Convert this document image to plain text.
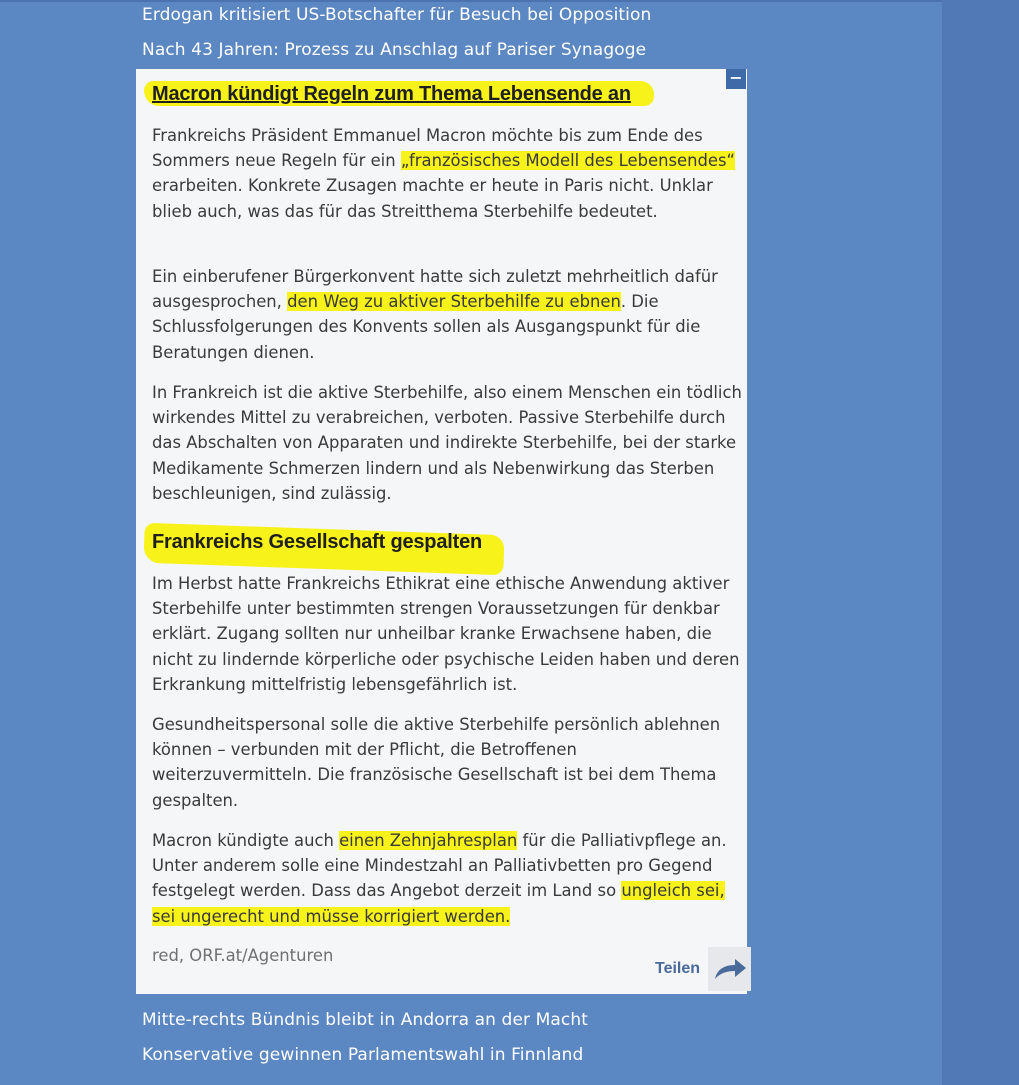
Erdogan kritisiert US-Botschafter für Besuch bei Opposition
Nach 43 Jahren: Prozess zu Anschlag auf Pariser Synagoge
−
Macron kündigt Regeln zum Thema Lebensende an

Frankreichs Präsident Emmanuel Macron möchte bis zum Ende des Sommers neue Regeln für ein „französisches Modell des Lebensendes“ erarbeiten. Konkrete Zusagen machte er heute in Paris nicht. Unklar blieb auch, was das für das Streitthema Sterbehilfe bedeutet.

Ein einberufener Bürgerkonvent hatte sich zuletzt mehrheitlich dafür ausgesprochen, den Weg zu aktiver Sterbehilfe zu ebnen. Die Schlussfolgerungen des Konvents sollen als Ausgangspunkt für die Beratungen dienen.

In Frankreich ist die aktive Sterbehilfe, also einem Menschen ein tödlich wirkendes Mittel zu verabreichen, verboten. Passive Sterbehilfe durch das Abschalten von Apparaten und indirekte Sterbehilfe, bei der starke Medikamente Schmerzen lindern und als Nebenwirkung das Sterben beschleunigen, sind zulässig.

Frankreichs Gesellschaft gespalten

Im Herbst hatte Frankreichs Ethikrat eine ethische Anwendung aktiver Sterbehilfe unter bestimmten strengen Voraussetzungen für denkbar erklärt. Zugang sollten nur unheilbar kranke Erwachsene haben, die nicht zu lindernde körperliche oder psychische Leiden haben und deren Erkrankung mittelfristig lebensgefährlich ist.

Gesundheitspersonal solle die aktive Sterbehilfe persönlich ablehnen können – verbunden mit der Pflicht, die Betroffenen weiterzuvermitteln. Die französische Gesellschaft ist bei dem Thema gespalten.

Macron kündigte auch einen Zehnjahresplan für die Palliativpflege an. Unter anderem solle eine Mindestzahl an Palliativbetten pro Gegend festgelegt werden. Dass das Angebot derzeit im Land so ungleich sei, sei ungerecht und müsse korrigiert werden.

red, ORF.at/Agenturen

Teilen
Mitte-rechts Bündnis bleibt in Andorra an der Macht
Konservative gewinnen Parlamentswahl in Finnland
